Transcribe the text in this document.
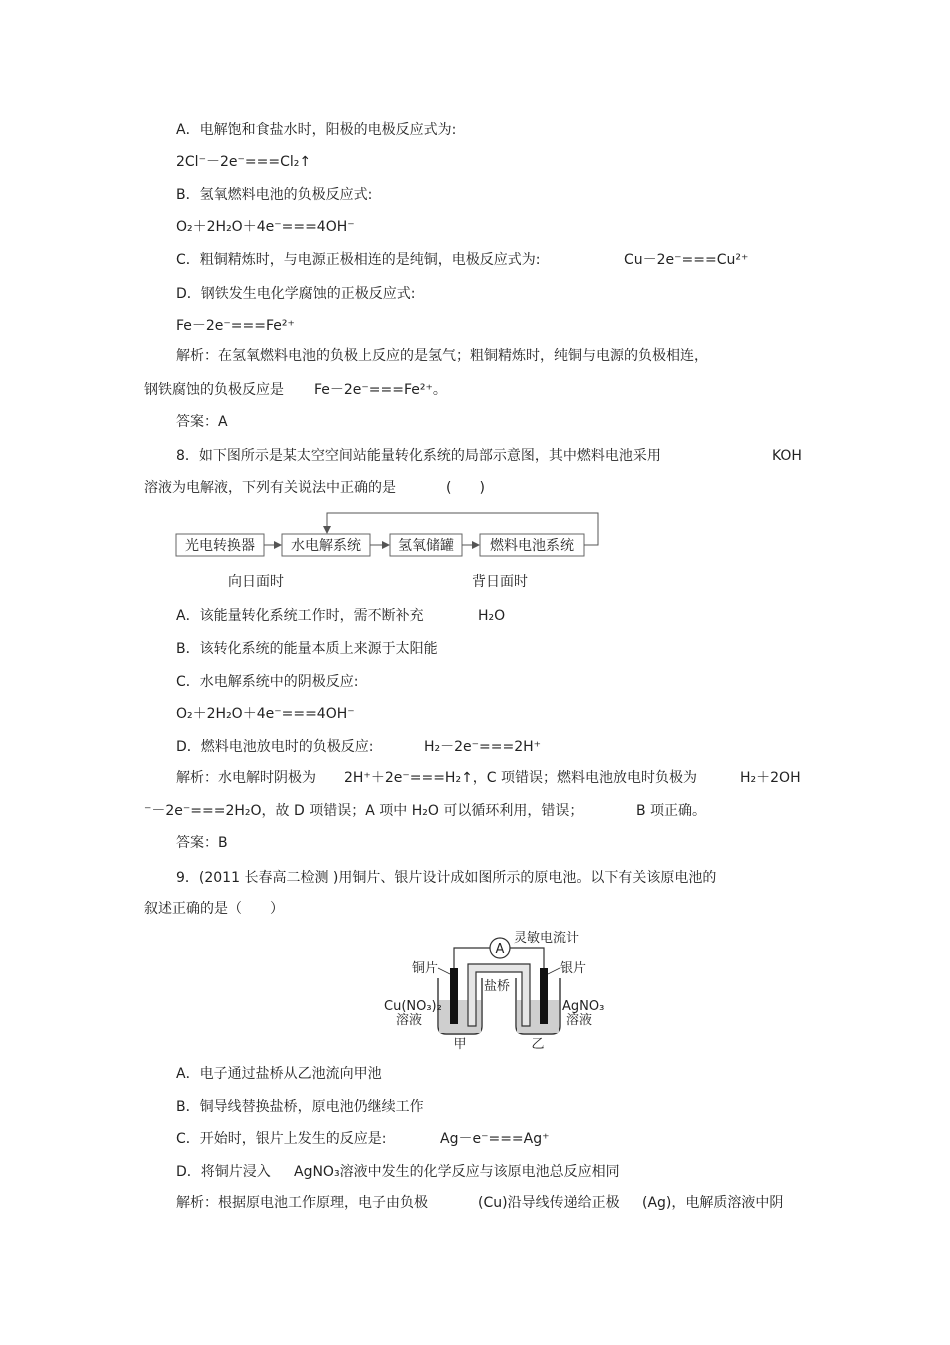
A．电解饱和食盐水时，阳极的电极反应式为:
2Cl⁻－2e⁻===Cl₂↑
B．氢氧燃料电池的负极反应式:
O₂＋2H₂O＋4e⁻===4OH⁻
C．粗铜精炼时，与电源正极相连的是纯铜，电极反应式为:	Cu－2e⁻===Cu²⁺
D．钢铁发生电化学腐蚀的正极反应式:
Fe－2e⁻===Fe²⁺
解析：在氢氧燃料电池的负极上反应的是氢气；粗铜精炼时，纯铜与电源的负极相连，
钢铁腐蚀的负极反应是 Fe－2e⁻===Fe²⁺。
答案：A
8．如下图所示是某太空空间站能量转化系统的局部示意图，其中燃料电池采用	KOH
溶液为电解液，下列有关说法中正确的是	(　　)
光电转换器	水电解系统	氢氧储罐	燃料电池系统
向日面时	背日面时
A．该能量转化系统工作时，需不断补充	H₂O
B．该转化系统的能量本质上来源于太阳能
C．水电解系统中的阴极反应:
O₂＋2H₂O＋4e⁻===4OH⁻
D．燃料电池放电时的负极反应:	H₂－2e⁻===2H⁺
解析：水电解时阴极为 2H⁺＋2e⁻===H₂↑，C 项错误；燃料电池放电时负极为	H₂＋2OH
⁻－2e⁻===2H₂O，故 D 项错误；A 项中 H₂O 可以循环利用，错误；	B 项正确。
答案：B
9．(2011 长春高二检测 )用铜片、银片设计成如图所示的原电池。以下有关该原电池的
叙述正确的是（　　）
A
灵敏电流计
铜片	银片
盐桥
Cu(NO₃)₂
溶液
AgNO₃
溶液
甲	乙
A．电子通过盐桥从乙池流向甲池
B．铜导线替换盐桥，原电池仍继续工作
C．开始时，银片上发生的反应是:	Ag－e⁻===Ag⁺
D．将铜片浸入 AgNO₃溶液中发生的化学反应与该原电池总反应相同
解析：根据原电池工作原理，电子由负极	(Cu)沿导线传递给正极 (Ag)，电解质溶液中阴
